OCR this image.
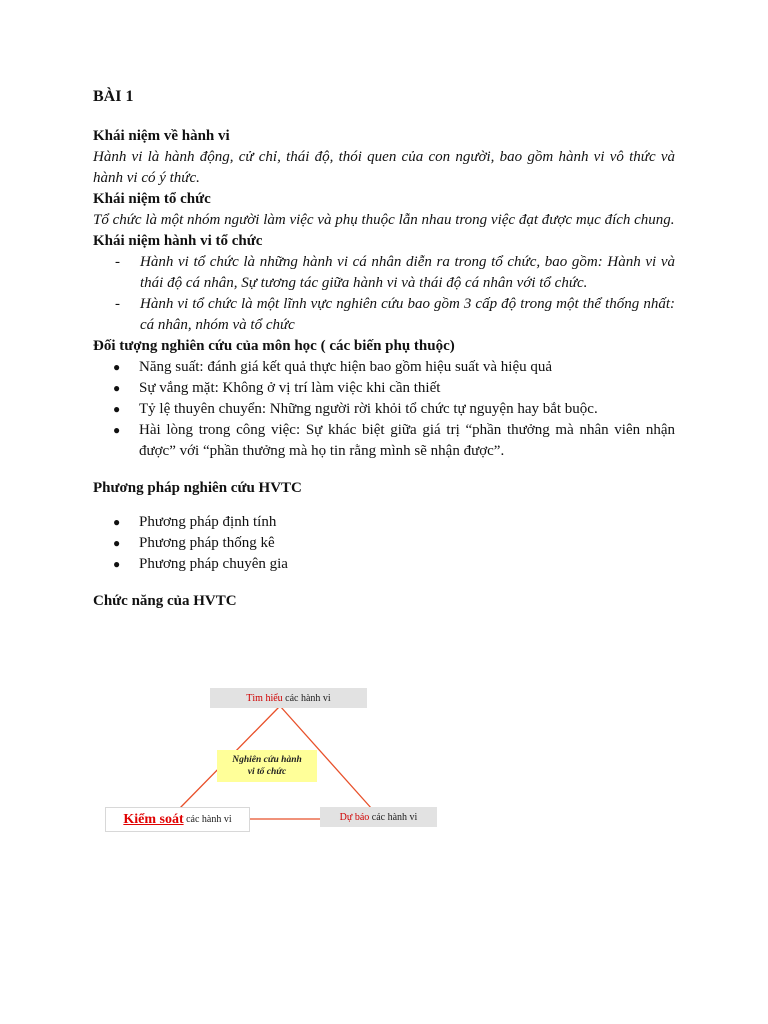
BÀI 1
Khái niệm về hành vi
Hành vi là hành động, cử chỉ, thái độ, thói quen của con người, bao gồm hành vi vô thức và hành vi có ý thức.
Khái niệm tổ chức
Tổ chức là một nhóm người làm việc và phụ thuộc lẫn nhau trong việc đạt được mục đích chung.
Khái niệm hành vi tổ chức
- Hành vi tổ chức là những hành vi cá nhân diễn ra trong tổ chức, bao gồm: Hành vi và thái độ cá nhân, Sự tương tác giữa hành vi và thái độ cá nhân với tổ chức.
- Hành vi tổ chức là một lĩnh vực nghiên cứu bao gồm 3 cấp độ trong một thể thống nhất: cá nhân, nhóm và tổ chức
Đối tượng nghiên cứu của môn học ( các biến phụ thuộc)
● Năng suất: đánh giá kết quả thực hiện bao gồm hiệu suất và hiệu quả
● Sự vắng mặt: Không ở vị trí làm việc khi cần thiết
● Tỷ lệ thuyên chuyển: Những người rời khỏi tổ chức tự nguyện hay bắt buộc.
● Hài lòng trong công việc: Sự khác biệt giữa giá trị “phần thưởng mà nhân viên nhận được” với “phần thưởng mà họ tin rằng mình sẽ nhận được”.
Phương pháp nghiên cứu HVTC
● Phương pháp định tính
● Phương pháp thống kê
● Phương pháp chuyên gia
Chức năng của HVTC
Tìm hiểu các hành vi
Nghiên cứu hành
vi tổ chức
Kiểm soát các hành vi	Dự báo các hành vi
